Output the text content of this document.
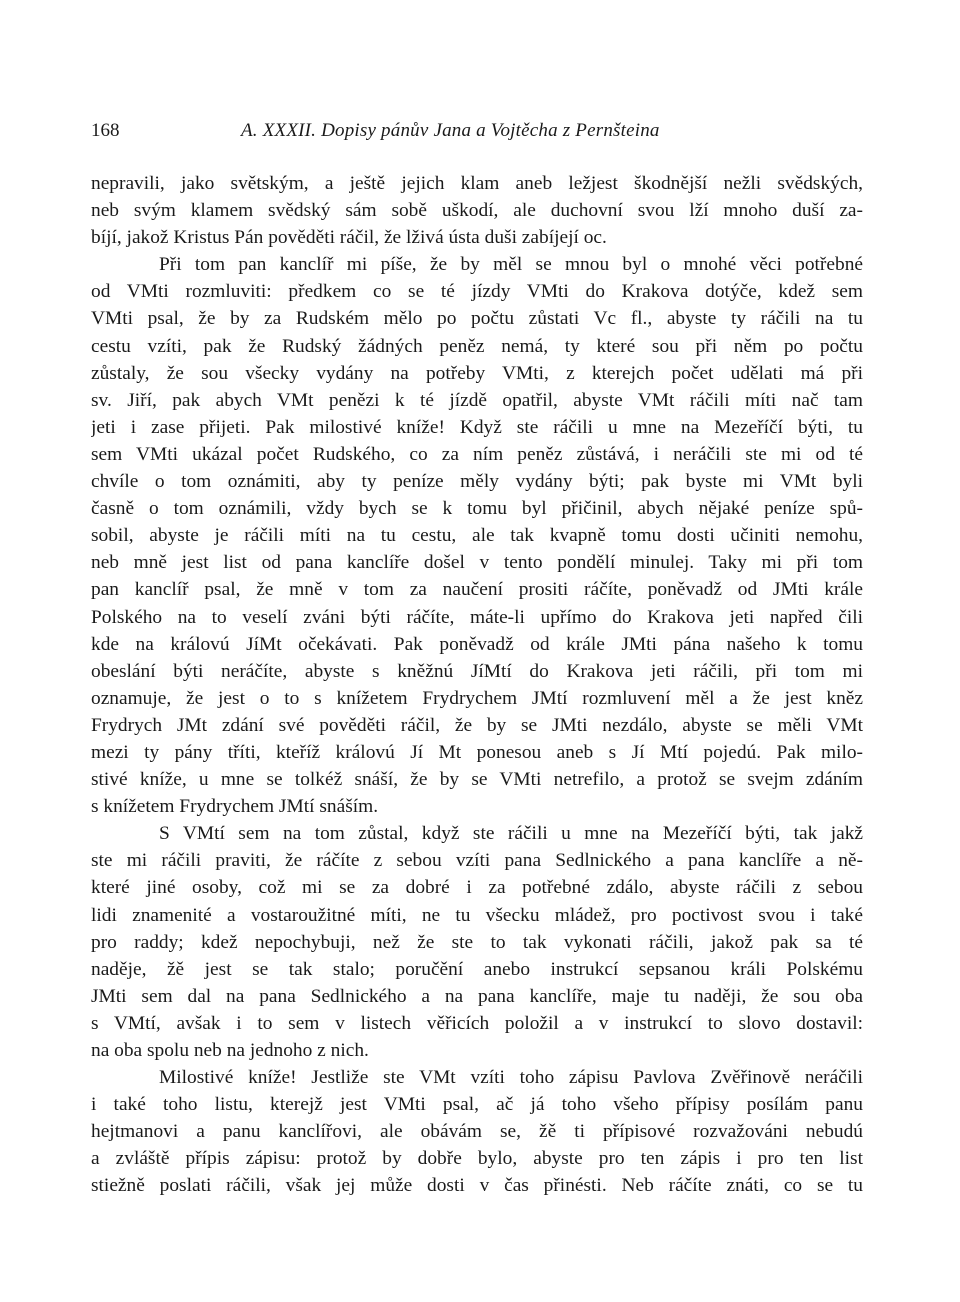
168	A. XXXII. Dopisy pánův Jana a Vojtěcha z Pernšteina
nepravili, jako světským, a ještě jejich klam aneb ležjest škodnější nežli svědských,
neb svým klamem svědský sám sobě uškodí, ale duchovní svou lží mnoho duší za-
bíjí, jakož Kristus Pán pověděti ráčil, že lživá ústa duši zabíjejí oc.
Při tom pan kanclíř mi píše, že by měl se mnou byl o mnohé věci potřebné
od VMti rozmluviti: předkem co se té jízdy VMti do Krakova dotýče, kdež sem
VMti psal, že by za Rudském mělo po počtu zůstati Vc fl., abyste ty ráčili na tu
cestu vzíti, pak že Rudský žádných peněz nemá, ty které sou při něm po počtu
zůstaly, že sou všecky vydány na potřeby VMti, z kterejch počet udělati má při
sv. Jiří, pak abych VMt penězi k té jízdě opatřil, abyste VMt ráčili míti nač tam
jeti i zase přijeti. Pak milostivé kníže! Když ste ráčili u mne na Mezeříčí býti, tu
sem VMti ukázal počet Rudského, co za ním peněz zůstává, i neráčili ste mi od té
chvíle o tom oznámiti, aby ty peníze měly vydány býti; pak byste mi VMt byli
časně o tom oznámili, vždy bych se k tomu byl přičinil, abych nějaké peníze spů-
sobil, abyste je ráčili míti na tu cestu, ale tak kvapně tomu dosti učiniti nemohu,
neb mně jest list od pana kanclíře došel v tento pondělí minulej. Taky mi při tom
pan kanclíř psal, že mně v tom za naučení prositi ráčíte, poněvadž od JMti krále
Polského na to veselí zváni býti ráčíte, máte-li upřímo do Krakova jeti napřed čili
kde na královú JíMt očekávati. Pak poněvadž od krále JMti pána našeho k tomu
obeslání býti neráčíte, abyste s kněžnú JíMtí do Krakova jeti ráčili, při tom mi
oznamuje, že jest o to s knížetem Frydrychem JMtí rozmluvení měl a že jest kněz
Frydrych JMt zdání své pověděti ráčil, že by se JMti nezdálo, abyste se měli VMt
mezi ty pány tříti, kteříž královú Jí Mt ponesou aneb s Jí Mtí pojedú. Pak milo-
stivé kníže, u mne se tolkéž snáší, že by se VMti netrefilo, a protož se svejm zdáním
s knížetem Frydrychem JMtí snáším.
S VMtí sem na tom zůstal, když ste ráčili u mne na Mezeříčí býti, tak jakž
ste mi ráčili praviti, že ráčíte z sebou vzíti pana Sedlnického a pana kanclíře a ně-
které jiné osoby, což mi se za dobré i za potřebné zdálo, abyste ráčili z sebou
lidi znamenité a vostaroužitné míti, ne tu všecku mládež, pro poctivost svou i také
pro raddy; kdež nepochybuji, než že ste to tak vykonati ráčili, jakož pak sa té
naděje, žě jest se tak stalo; poručění anebo instrukcí sepsanou králi Polskému
JMti sem dal na pana Sedlnického a na pana kanclíře, maje tu naději, že sou oba
s VMtí, avšak i to sem v listech věřicích položil a v instrukcí to slovo dostavil:
na oba spolu neb na jednoho z nich.
Milostivé kníže! Jestliže ste VMt vzíti toho zápisu Pavlova Zvěřinově neráčili
i také toho listu, kterejž jest VMti psal, ač já toho všeho přípisy posílám panu
hejtmanovi a panu kanclířovi, ale obávám se, žě ti přípisové rozvažováni nebudú
a zvláště přípis zápisu: protož by dobře bylo, abyste pro ten zápis i pro ten list
stiežně poslati ráčili, však jej může dosti v čas přinésti. Neb ráčíte znáti, co se tu
